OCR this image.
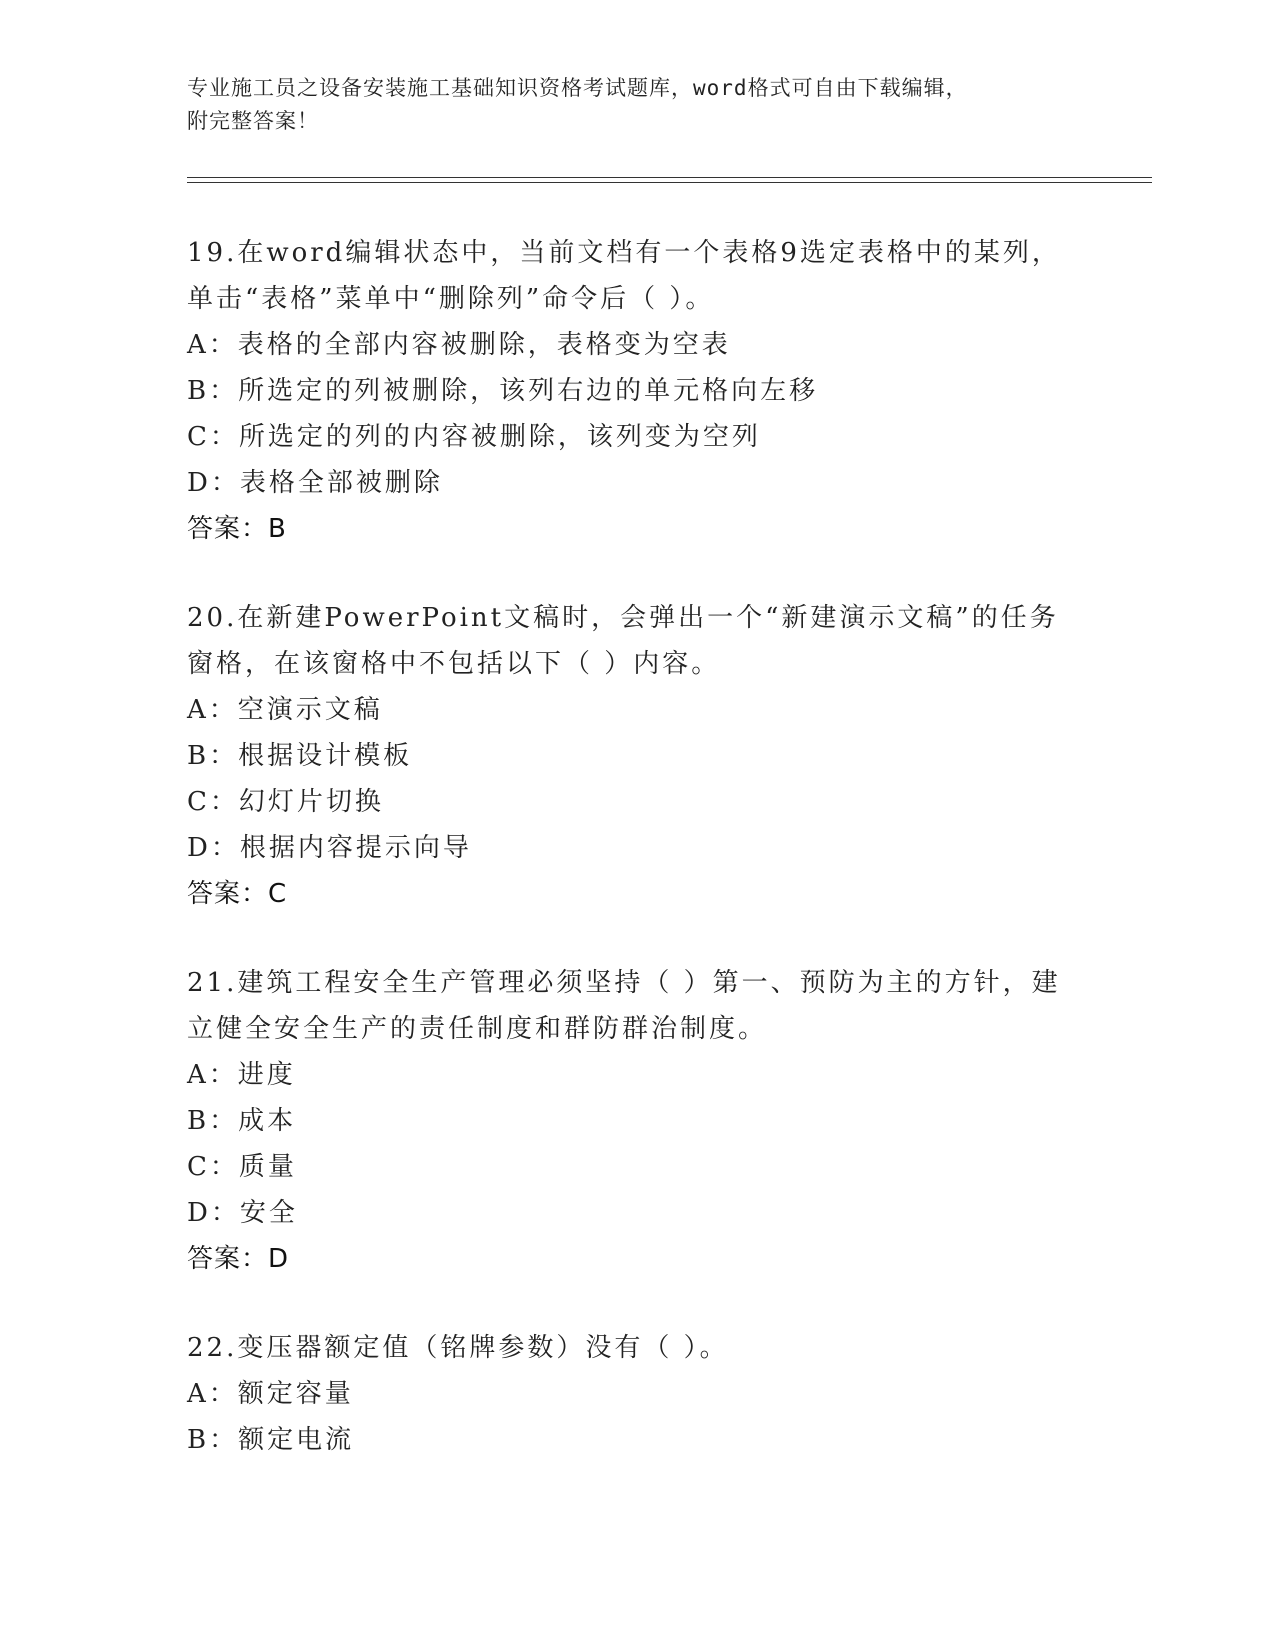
专业施工员之设备安装施工基础知识资格考试题库，word格式可自由下载编辑，
附完整答案！
19.在word编辑状态中，当前文档有一个表格9选定表格中的某列，
单击“表格”菜单中“删除列”命令后（ ）。
A：表格的全部内容被删除，表格变为空表
B：所选定的列被删除，该列右边的单元格向左移
C：所选定的列的内容被删除，该列变为空列
D：表格全部被删除
答案：B
20.在新建PowerPoint文稿时，会弹出一个“新建演示文稿”的任务
窗格，在该窗格中不包括以下（ ）内容。
A：空演示文稿
B：根据设计模板
C：幻灯片切换
D：根据内容提示向导
答案：C
21.建筑工程安全生产管理必须坚持（ ）第一、预防为主的方针，建
立健全安全生产的责任制度和群防群治制度。
A：进度
B：成本
C：质量
D：安全
答案：D
22.变压器额定值（铭牌参数）没有（ ）。
A：额定容量
B：额定电流
